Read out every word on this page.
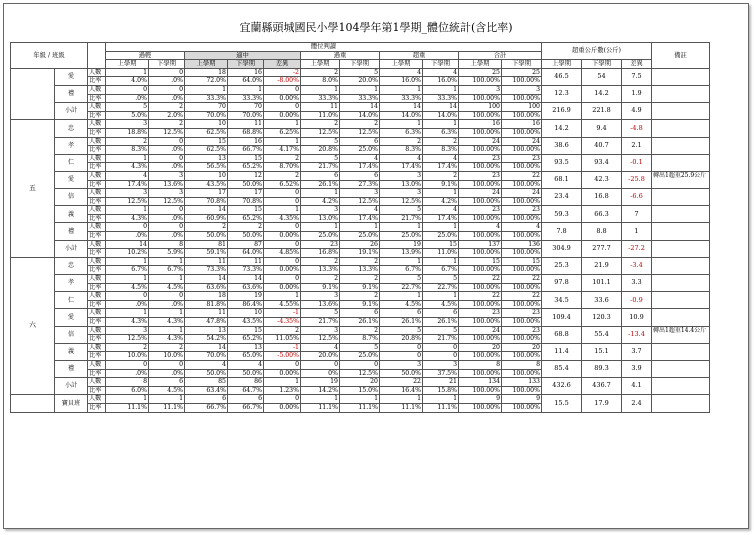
宜蘭縣頭城國民小學104學年第1學期_體位統計(含比率)
年級 / 班級			體位判讀											超重公斤數(公斤)			備註
			過輕		適中			過重		超重		合計					
			上學期	下學期	上學期	下學期	差異	上學期	下學期	上學期	下學期	上學期	下學期	上學期	下學期	差異	
	愛	人數	1	0	18	16	-2	2	5	4	4	25	25	46.5	54	7.5	
		比率	4.0%	.0%	72.0%	64.0%	-8.00%	8.0%	20.0%	16.0%	16.0%	100.00%	100.00%				
	禮	人數	0	0	1	1	0	1	1	1	1	3	3	12.3	14.2	1.9	
		比率	.0%	.0%	33.3%	33.3%	0.00%	33.3%	33.3%	33.3%	33.3%	100.00%	100.00%				
	小計	人數	5	2	70	70	0	11	14	14	14	100	100	216.9	221.8	4.9	
		比率	5.0%	2.0%	70.0%	70.0%	0.00%	11.0%	14.0%	14.0%	14.0%	100.00%	100.00%				
五	忠	人數	3	2	10	11	1	2	2	1	1	16	16	14.2	9.4	-4.8	
		比率	18.8%	12.5%	62.5%	68.8%	6.25%	12.5%	12.5%	6.3%	6.3%	100.00%	100.00%				
	孝	人數	2	0	15	16	1	5	6	2	2	24	24	38.6	40.7	2.1	
		比率	8.3%	.0%	62.5%	66.7%	4.17%	20.8%	25.0%	8.3%	8.3%	100.00%	100.00%				
	仁	人數	1	0	13	15	2	5	4	4	4	23	23	93.5	93.4	-0.1	
		比率	4.3%	.0%	56.5%	65.2%	8.70%	21.7%	17.4%	17.4%	17.4%	100.00%	100.00%				
	愛	人數	4	3	10	12	2	6	6	3	2	23	22	68.1	42.3	-25.8	轉出1超重25.9公斤
		比率	17.4%	13.6%	43.5%	50.0%	6.52%	26.1%	27.3%	13.0%	9.1%	100.00%	100.00%				
	信	人數	3	3	17	17	0	1	3	3	1	24	24	23.4	16.8	-6.6	
		比率	12.5%	12.5%	70.8%	70.8%	0	4.2%	12.5%	12.5%	4.2%	100.00%	100.00%				
	義	人數	1	0	14	15	1	3	4	5	4	23	23	59.3	66.3	7	
		比率	4.3%	.0%	60.9%	65.2%	4.35%	13.0%	17.4%	21.7%	17.4%	100.00%	100.00%				
	禮	人數	0	0	2	2	0	1	1	1	1	4	4	7.8	8.8	1	
		比率	.0%	.0%	50.0%	50.0%	0.00%	25.0%	25.0%	25.0%	25.0%	100.00%	100.00%				
	小計	人數	14	8	81	87	0	23	26	19	15	137	136	304.9	277.7	-27.2	
		比率	10.2%	5.9%	59.1%	64.0%	4.85%	16.8%	19.1%	13.9%	11.0%	100.00%	100.00%				
六	忠	人數	1	1	11	11	0	2	2	1	1	15	15	25.3	21.9	-3.4	
		比率	6.7%	6.7%	73.3%	73.3%	0.00%	13.3%	13.3%	6.7%	6.7%	100.00%	100.00%				
	孝	人數	1	1	14	14	0	2	2	5	5	22	22	97.8	101.1	3.3	
		比率	4.5%	4.5%	63.6%	63.6%	0.00%	9.1%	9.1%	22.7%	22.7%	100.00%	100.00%				
	仁	人數	0	0	18	19	1	3	2	1	1	22	22	34.5	33.6	-0.9	
		比率	.0%	.0%	81.8%	86.4%	4.55%	13.6%	9.1%	4.5%	4.5%	100.00%	100.00%				
	愛	人數	1	1	11	10	-1	5	6	6	6	23	23	109.4	120.3	10.9	
		比率	4.3%	4.3%	47.8%	43.5%	-4.35%	21.7%	26.1%	26.1%	26.1%	100.00%	100.00%				
	信	人數	3	1	13	15	2	3	2	5	5	24	23	68.8	55.4	-13.4	轉出1超重14.4公斤
		比率	12.5%	4.3%	54.2%	65.2%	11.05%	12.5%	8.7%	20.8%	21.7%	100.00%	100.00%				
	義	人數	2	2	14	13	-1	4	5	0	0	20	20	11.4	15.1	3.7	
		比率	10.0%	10.0%	70.0%	65.0%	-5.00%	20.0%	25.0%	0	0	100.00%	100.00%				
	禮	人數	0	0	4	4	0	0	0	3	3	8	8	85.4	89.3	3.9	
		比率	.0%	.0%	50.0%	50.0%	0.00%	0%	12.5%	50.0%	37.5%	100.00%	100.00%				
	小計	人數	8	6	85	86	1	19	20	22	21	134	133	432.6	436.7	4.1	
		比率	6.0%	4.5%	63.4%	64.7%	1.23%	14.2%	15.0%	16.4%	15.8%	100.00%	100.00%				
	寶貝班	人數	1	1	6	6	0	1	1	1	1	9	9	15.5	17.9	2.4	
		比率	11.1%	11.1%	66.7%	66.7%	0.00%	11.1%	11.1%	11.1%	11.1%	100.00%	100.00%				
